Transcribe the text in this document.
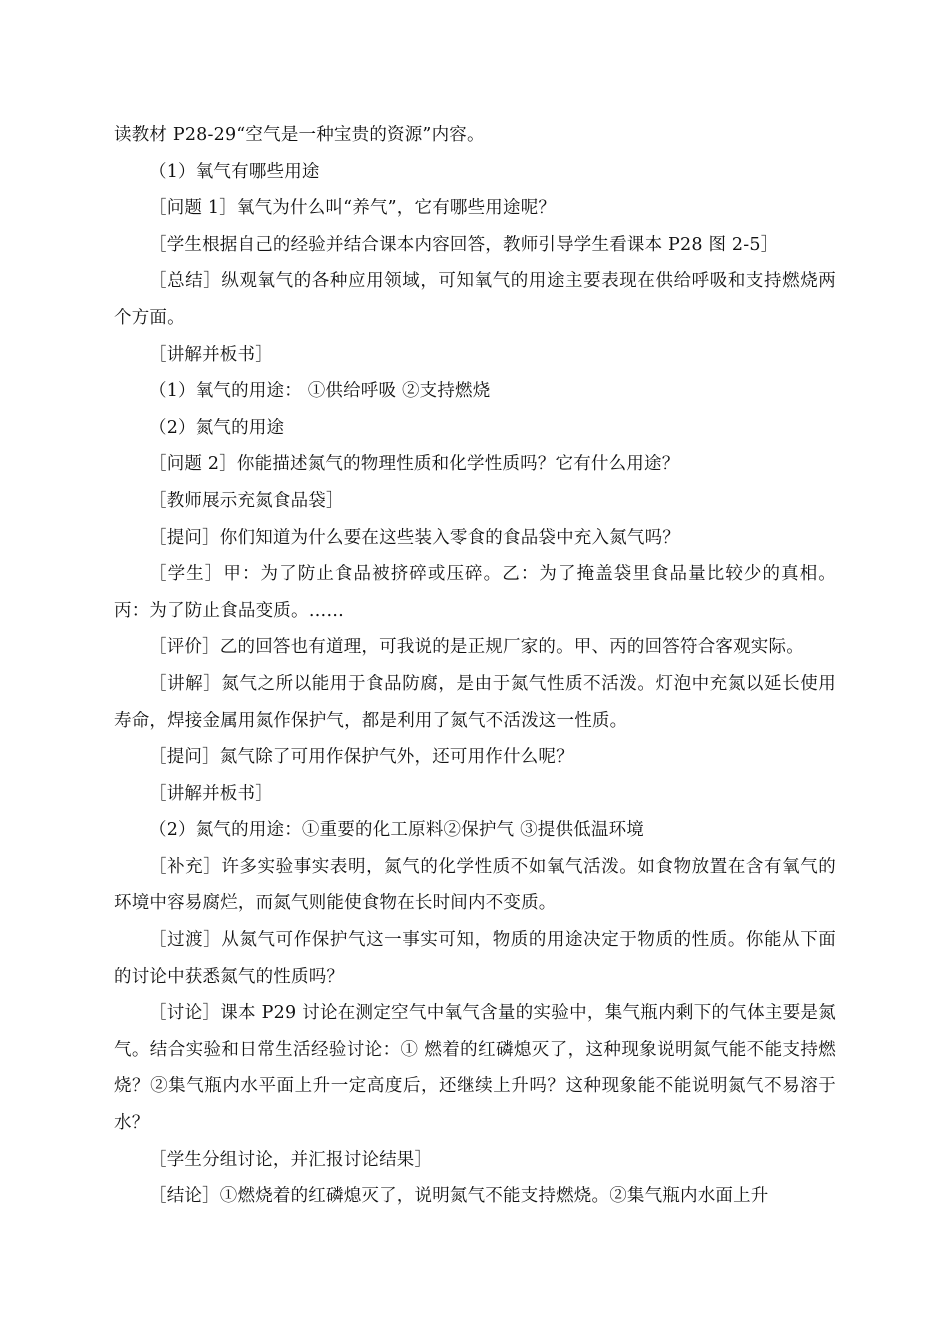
读教材 P28-29“空气是一种宝贵的资源”内容。

（1）氧气有哪些用途

［问题 1］氧气为什么叫“养气”，它有哪些用途呢？

［学生根据自己的经验并结合课本内容回答，教师引导学生看课本 P28 图 2-5］

［总结］纵观氧气的各种应用领域，可知氧气的用途主要表现在供给呼吸和支持燃烧两个方面。

［讲解并板书］

（1）氧气的用途： ①供给呼吸 ②支持燃烧

（2）氮气的用途

［问题 2］你能描述氮气的物理性质和化学性质吗？它有什么用途？

［教师展示充氮食品袋］

［提问］你们知道为什么要在这些装入零食的食品袋中充入氮气吗？

［学生］甲：为了防止食品被挤碎或压碎。乙：为了掩盖袋里食品量比较少的真相。丙：为了防止食品变质。……

［评价］乙的回答也有道理，可我说的是正规厂家的。甲、丙的回答符合客观实际。

［讲解］氮气之所以能用于食品防腐，是由于氮气性质不活泼。灯泡中充氮以延长使用寿命，焊接金属用氮作保护气，都是利用了氮气不活泼这一性质。

［提问］氮气除了可用作保护气外，还可用作什么呢？

［讲解并板书］

（2）氮气的用途：①重要的化工原料②保护气 ③提供低温环境

［补充］许多实验事实表明，氮气的化学性质不如氧气活泼。如食物放置在含有氧气的环境中容易腐烂，而氮气则能使食物在长时间内不变质。

［过渡］从氮气可作保护气这一事实可知，物质的用途决定于物质的性质。你能从下面的讨论中获悉氮气的性质吗？

［讨论］课本 P29 讨论在测定空气中氧气含量的实验中，集气瓶内剩下的气体主要是氮气。结合实验和日常生活经验讨论：① 燃着的红磷熄灭了，这种现象说明氮气能不能支持燃烧？②集气瓶内水平面上升一定高度后，还继续上升吗？这种现象能不能说明氮气不易溶于水？

［学生分组讨论，并汇报讨论结果］

［结论］①燃烧着的红磷熄灭了，说明氮气不能支持燃烧。②集气瓶内水面上升
